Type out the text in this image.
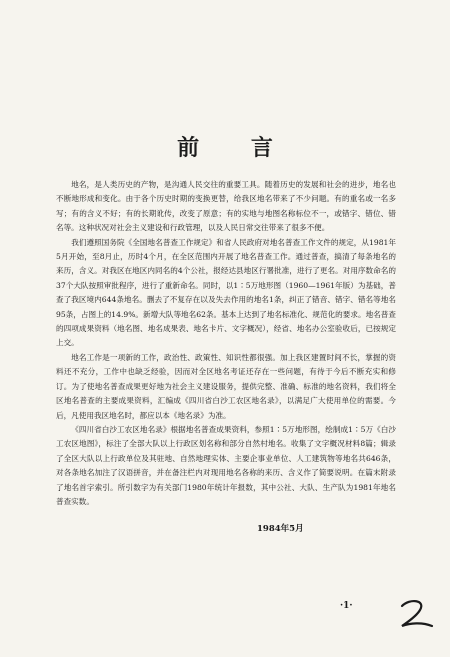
前 言

地名，是人类历史的产物，是沟通人民交往的重要工具。随着历史的发展和社会的进步，地名也不断地形成和变化。由于各个历史时期的变换更替，给我区地名带来了不少问题。有的重名或一名多写；有的含义不好；有的长期讹传，改变了原意；有的实地与地图名称标位不一，或错字、错位、错名等。这种状况对社会主义建设和行政管理，以及人民日常交往带来了很多不便。

我们遵照国务院《全国地名普查工作规定》和省人民政府对地名普查工作文件的规定，从1981年5月开始，至8月止，历时4个月，在全区范围内开展了地名普查工作。通过普查，搞清了每条地名的来历，含义。对我区在地区内同名的4个公社，报经达县地区行署批准，进行了更名。对用序数命名的37个大队按照审批程序，进行了重新命名。同时，以1∶5万地形图（1960—1961年版）为基础，普查了我区境内644条地名。删去了不复存在以及失去作用的地名1条，纠正了错音、错字、错名等地名95条，占图上的14.9%。新增大队等地名62条。基本上达到了地名标准化、规范化的要求。地名普查的四项成果资料（地名图、地名成果表、地名卡片、文字概况），经省、地名办公室验收后，已按规定上交。

地名工作是一项新的工作，政治性、政策性、知识性都很强。加上我区建置时间不长，掌握的资料还不充分，工作中也缺乏经验，因而对全区地名考证还存在一些问题，有待于今后不断充实和修订。为了使地名普查成果更好地为社会主义建设服务，提供完整、准确、标准的地名资料，我们将全区地名普查的主要成果资料，汇编成《四川省白沙工农区地名录》，以满足广大使用单位的需要。今后，凡使用我区地名时，都应以本《地名录》为准。

《四川省白沙工农区地名录》根据地名普查成果资料，参照1∶5万地形图，绘制成1∶5万《白沙工农区地图》，标注了全部大队以上行政区划名称和部分自然村地名。收集了文字概况材料8篇；辑录了全区大队以上行政单位及其驻地、自然地理实体、主要企事业单位、人工建筑物等地名共646条，对各条地名加注了汉语拼音，并在备注栏内对现用地名各称的来历、含义作了简要说明。在篇末附录了地名首字索引。所引数字为有关部门1980年统计年报数，其中公社、大队、生产队为1981年地名普查实数。

1984年5月
·1·
